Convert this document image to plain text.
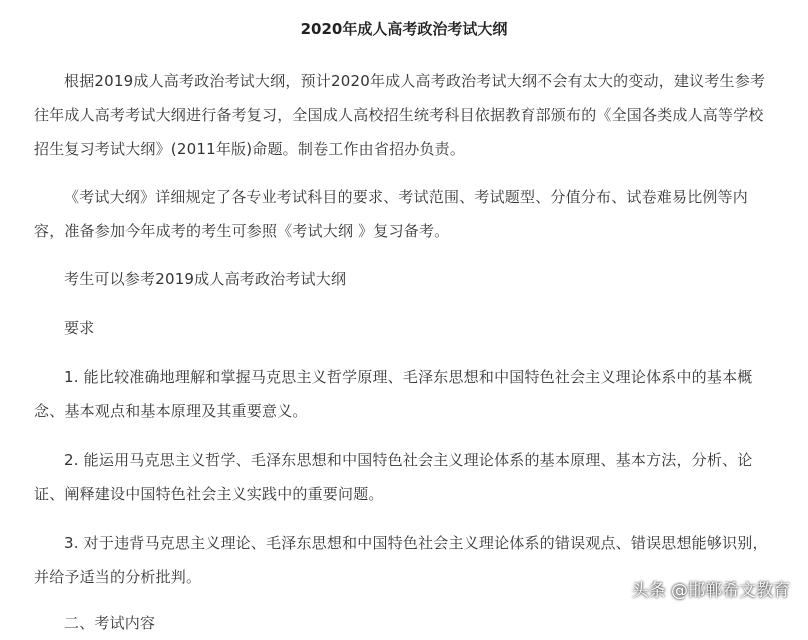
2020年成人高考政治考试大纲

根据2019成人高考政治考试大纲，预计2020年成人高考政治考试大纲不会有太大的变动，建议考生参考往年成人高考考试大纲进行备考复习，全国成人高校招生统考科目依据教育部颁布的《全国各类成人高等学校招生复习考试大纲》(2011年版)命题。制卷工作由省招办负责。

《考试大纲》详细规定了各专业考试科目的要求、考试范围、考试题型、分值分布、试卷难易比例等内容，准备参加今年成考的考生可参照《考试大纲 》复习备考。

考生可以参考2019成人高考政治考试大纲

要求

1. 能比较准确地理解和掌握马克思主义哲学原理、毛泽东思想和中国特色社会主义理论体系中的基本概念、基本观点和基本原理及其重要意义。

2. 能运用马克思主义哲学、毛泽东思想和中国特色社会主义理论体系的基本原理、基本方法，分析、论证、阐释建设中国特色社会主义实践中的重要问题。

3. 对于违背马克思主义理论、毛泽东思想和中国特色社会主义理论体系的错误观点、错误思想能够识别，并给予适当的分析批判。

二、考试内容

头条 @邯郸希文教育
